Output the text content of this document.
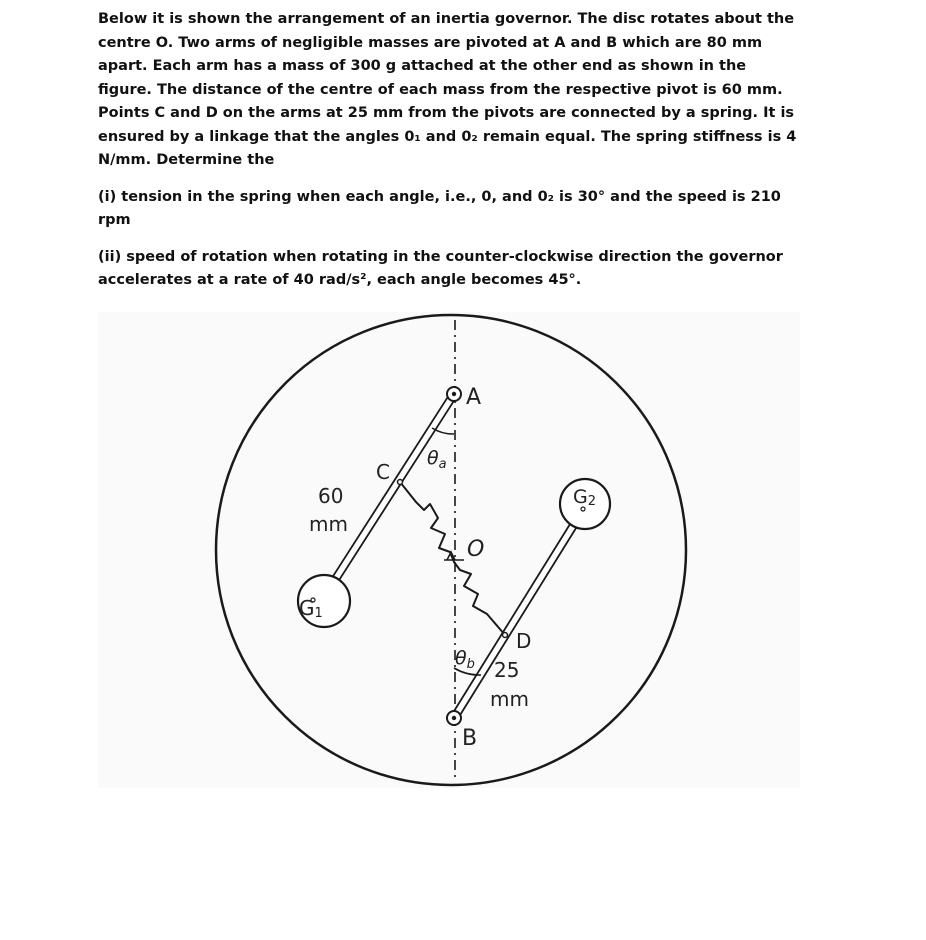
Below it is shown the arrangement of an inertia governor. The disc rotates about the centre O. Two arms of negligible masses are pivoted at A and B which are 80 mm apart. Each arm has a mass of 300 g attached at the other end as shown in the figure. The distance of the centre of each mass from the respective pivot is 60 mm. Points C and D on the arms at 25 mm from the pivots are connected by a spring. It is ensured by a linkage that the angles 0₁ and 0₂ remain equal. The spring stiffness is 4 N/mm. Determine the

(i) tension in the spring when each angle, i.e., 0, and 0₂ is 30° and the speed is 210 rpm

(ii) speed of rotation when rotating in the counter-clockwise direction the governor accelerates at a rate of 40 rad/s², each angle becomes 45°.

A
B
C
D
O
$\theta_a$
$\theta_b$
G1
G2
60
mm
25
mm
